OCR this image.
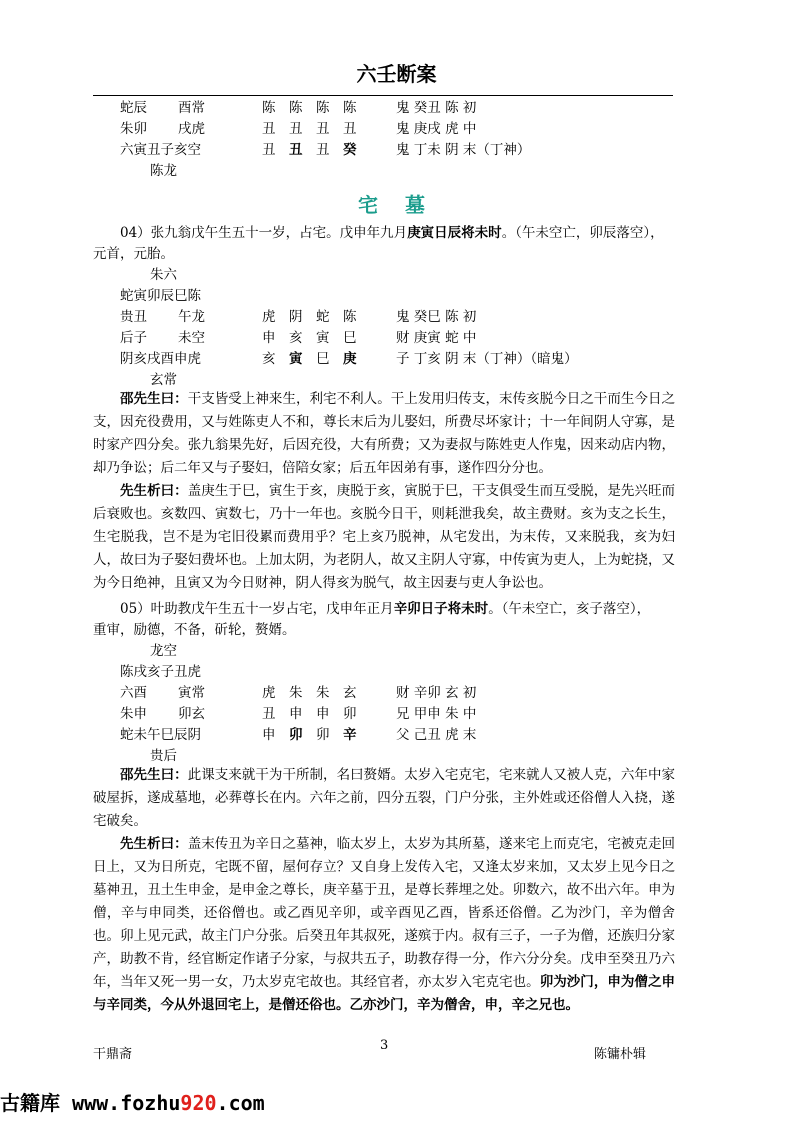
六壬断案
蛇辰 酉常	陈　陈　陈　陈	鬼 癸丑 陈 初
朱卯 戌虎	丑　丑　丑　丑	鬼 庚戌 虎 中
六寅丑子亥空	丑 丑 丑 癸	鬼 丁未 阴 末（丁神）
陈龙
宅 墓
04）张九翁戊午生五十一岁，占宅。戊申年九月庚寅日辰将未时。（午未空亡，卯辰落空），
元首，元胎。
朱六
蛇寅卯辰巳陈
贵丑 午龙	虎　阴　蛇　陈	鬼 癸巳 陈 初
后子 未空	申　亥　寅　巳	财 庚寅 蛇 中
阴亥戌酉申虎	亥 寅 巳 庚	子 丁亥 阴 末（丁神）（暗鬼）
玄常
邵先生曰：干支皆受上神来生，利宅不利人。干上发用归传支，末传亥脱今日之干而生今日之支，因充役费用，又与姓陈吏人不和，尊长末后为儿娶妇，所费尽坏家计；十一年间阴人守寡，是时家产四分矣。张九翁果先好，后因充役，大有所费；又为妻叔与陈姓吏人作鬼，因来动店内物，却乃争讼；后二年又与子娶妇，倍陪女家；后五年因弟有事，遂作四分分也。
先生析曰：盖庚生于巳，寅生于亥，庚脱于亥，寅脱于巳，干支俱受生而互受脱，是先兴旺而后衰败也。亥数四、寅数七，乃十一年也。亥脱今日干，则耗泄我矣，故主费财。亥为支之长生，生宅脱我，岂不是为宅旧役累而费用乎？宅上亥乃脱神，从宅发出，为末传，又来脱我，亥为妇人，故曰为子娶妇费坏也。上加太阴，为老阴人，故又主阴人守寡，中传寅为吏人，上为蛇挠，又为今日绝神，且寅又为今日财神，阴人得亥为脱气，故主因妻与吏人争讼也。
05）叶助教戊午生五十一岁占宅，戊申年正月辛卯日子将未时。（午未空亡，亥子落空），
重审，励德，不备，斫轮，赘婿。
龙空
陈戌亥子丑虎
六酉 寅常	虎　朱　朱　玄	财 辛卯 玄 初
朱申 卯玄	丑　申　申　卯	兄 甲申 朱 中
蛇未午巳辰阴	申 卯 卯 辛	父 己丑 虎 末
贵后
邵先生曰：此课支来就干为干所制，名曰赘婿。太岁入宅克宅，宅来就人又被人克，六年中家破屋拆，遂成墓地，必葬尊长在内。六年之前，四分五裂，门户分张，主外姓或还俗僧人入挠，遂宅破矣。
先生析曰：盖末传丑为辛日之墓神，临太岁上，太岁为其所墓，遂来宅上而克宅，宅被克走回日上，又为日所克，宅既不留，屋何存立？又自身上发传入宅，又逢太岁来加，又太岁上见今日之墓神丑，丑土生申金，是申金之尊长，庚辛墓于丑，是尊长葬埋之处。卯数六，故不出六年。申为僧，辛与申同类，还俗僧也。或乙酉见辛卯，或辛酉见乙酉，皆系还俗僧。乙为沙门，辛为僧舍也。卯上见元武，故主门户分张。后癸丑年其叔死，遂殡于内。叔有三子，一子为僧，还族归分家产，助教不肯，经官断定作诸子分家，与叔共五子，助教存得一分，作六分分矣。戊申至癸丑乃六年，当年又死一男一女，乃太岁克宅故也。其经官者，亦太岁入宅克宅也。卯为沙门，申为僧之申与辛同类，今从外退回宅上，是僧还俗也。乙亦沙门，辛为僧舍，申，辛之兄也。
干鼎斋
3
陈镛朴辑
古籍库 www.fozhu920.com
